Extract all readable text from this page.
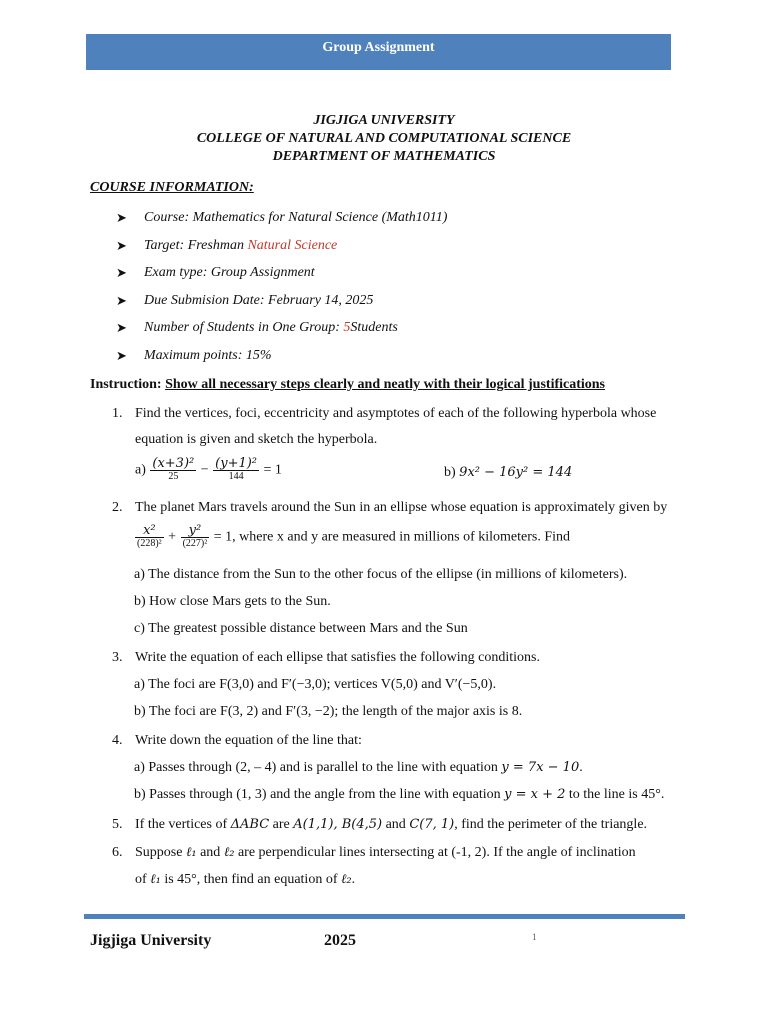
Group Assignment
JIGJIGA UNIVERSITY
COLLEGE OF NATURAL AND COMPUTATIONAL SCIENCE
DEPARTMENT OF MATHEMATICS
COURSE INFORMATION:
➤	Course: Mathematics for Natural Science (Math1011)
➤	Target: Freshman
Natural Science
➤	Exam type: Group Assignment
➤	Due Submision Date: February 14, 2025
➤	Number of Students in One Group:
5 Students
➤	Maximum points: 15%
Instruction: Show all necessary steps clearly and neatly with their logical justifications
1. Find the vertices, foci, eccentricity and asymptotes of each of the following hyperbola whose
equation is given and sketch the hyperbola.
$a) \frac{\text{(x+3)²}}{25} - \frac{\text{(y+1)²}}{144} = 1$	b) 9x² − 16y² = 144
2. The planet Mars travels around the Sun in an ellipse whose equation is approximately given by
$\frac{\text{x²}}{\text{(228)²}} + \frac{\text{y²}}{\text{(227)²}} = 1$, where x and y are measured in millions of kilometers. Find
a) The distance from the Sun to the other focus of the ellipse (in millions of kilometers).
b) How close Mars gets to the Sun.
c) The greatest possible distance between Mars and the Sun
3. Write the equation of each ellipse that satisfies the following conditions.
a) The foci are F(3,0) and F′(−3,0); vertices V(5,0) and V′(−5,0).
b) The foci are F(3, 2) and F′(3, −2); the length of the major axis is 8.
4. Write down the equation of the line that:
a) Passes through (2, – 4) and is parallel to the line with equation y = 7x − 10.
b) Passes through (1, 3) and the angle from the line with equation y = x + 2 to the line is 45°.
5. If the vertices of ΔABC are A(1,1), B(4,5) and C(7, 1), find the perimeter of the triangle.
6. Suppose ℓ₁ and ℓ₂ are perpendicular lines intersecting at (-1, 2). If the angle of inclination
of ℓ₁ is 45°, then find an equation of ℓ₂.
Jigjiga University	2025	1
